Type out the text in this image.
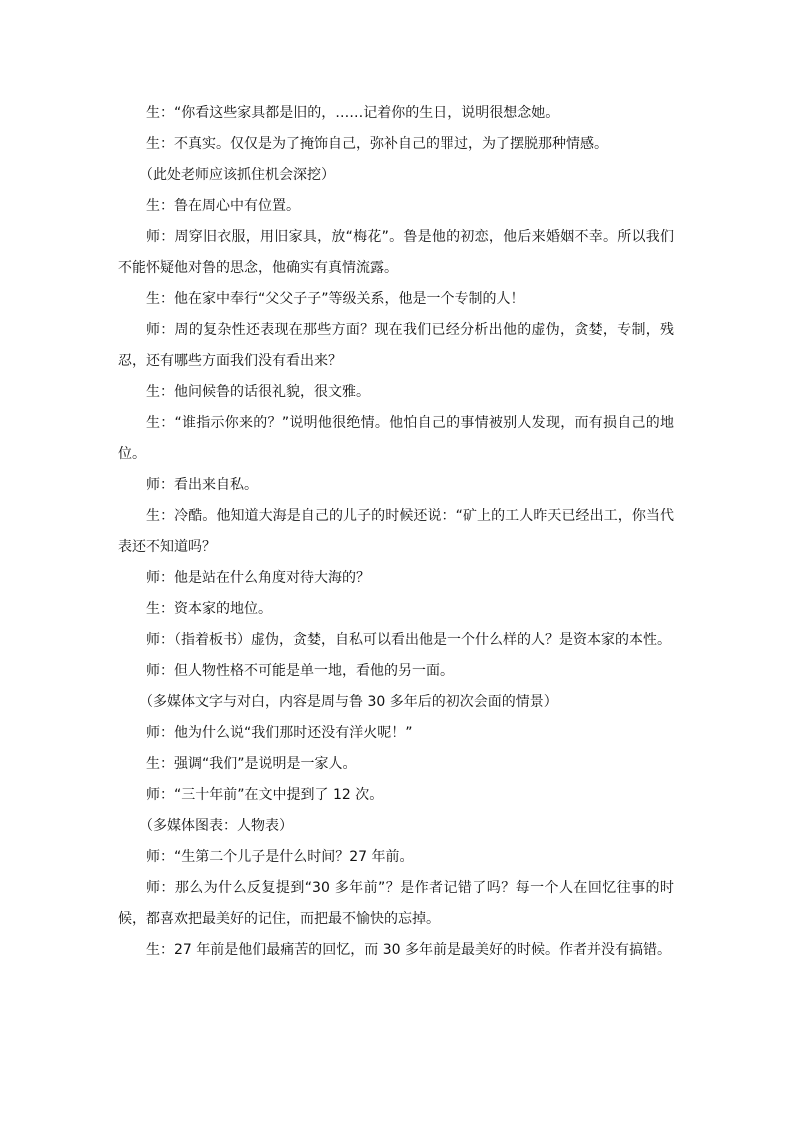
生：“你看这些家具都是旧的，……记着你的生日，说明很想念她。

生：不真实。仅仅是为了掩饰自己，弥补自己的罪过，为了摆脱那种情感。

（此处老师应该抓住机会深挖）

生：鲁在周心中有位置。

师：周穿旧衣服，用旧家具，放“梅花”。鲁是他的初恋，他后来婚姻不幸。所以我们不能怀疑他对鲁的思念，他确实有真情流露。

生：他在家中奉行“父父子子”等级关系，他是一个专制的人！

师：周的复杂性还表现在那些方面？现在我们已经分析出他的虚伪，贪婪，专制，残忍，还有哪些方面我们没有看出来？

生：他问候鲁的话很礼貌，很文雅。

生：“谁指示你来的？”说明他很绝情。他怕自己的事情被别人发现，而有损自己的地位。

师：看出来自私。

生：冷酷。他知道大海是自己的儿子的时候还说：“矿上的工人昨天已经出工，你当代表还不知道吗？

师：他是站在什么角度对待大海的？

生：资本家的地位。

师：（指着板书）虚伪，贪婪，自私可以看出他是一个什么样的人？是资本家的本性。

师：但人物性格不可能是单一地，看他的另一面。

（多媒体文字与对白，内容是周与鲁 30 多年后的初次会面的情景）

师：他为什么说“我们那时还没有洋火呢！”

生：强调“我们”是说明是一家人。

师：“三十年前”在文中提到了 12 次。

（多媒体图表：人物表）

师：“生第二个儿子是什么时间？27 年前。

师：那么为什么反复提到“30 多年前”？是作者记错了吗？每一个人在回忆往事的时候，都喜欢把最美好的记住，而把最不愉快的忘掉。

生：27 年前是他们最痛苦的回忆，而 30 多年前是最美好的时候。作者并没有搞错。
